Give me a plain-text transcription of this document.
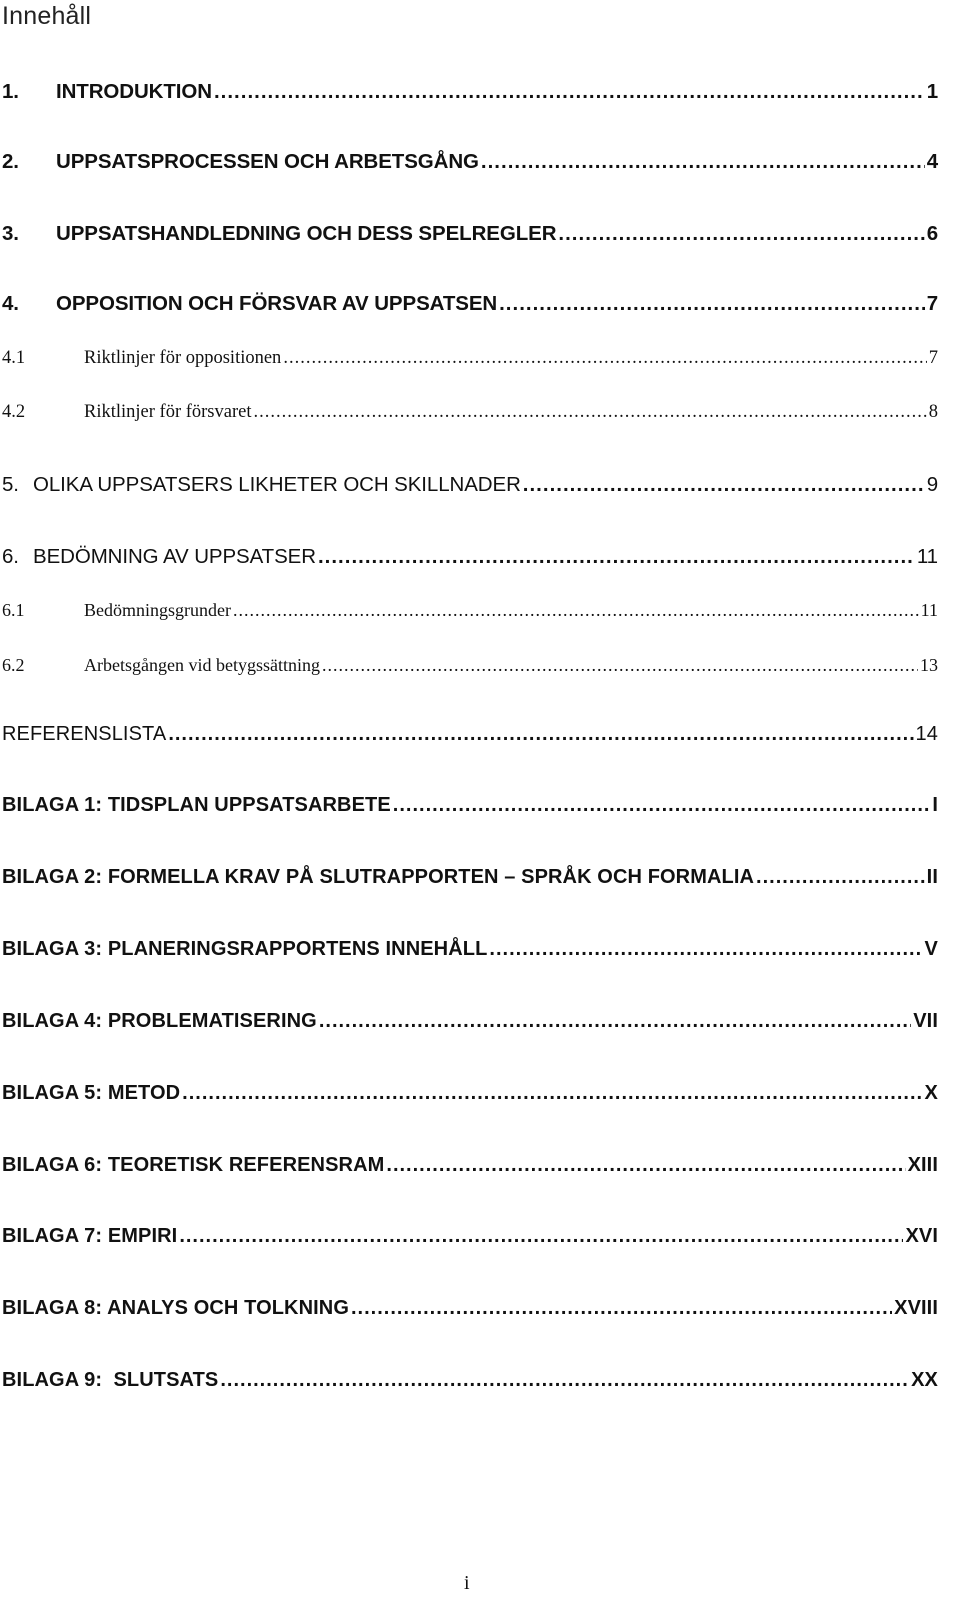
Innehåll
1.	INTRODUKTION .....	1
2.	UPPSATSPROCESSEN OCH ARBETSGÅNG .....	4
3.	UPPSATSHANDLEDNING OCH DESS SPELREGLER .....	6
4.	OPPOSITION OCH FÖRSVAR AV UPPSATSEN .....	7
4.1	Riktlinjer för oppositionen .....	7
4.2	Riktlinjer för försvaret .....	8
5. OLIKA UPPSATSERS LIKHETER OCH SKILLNADER .....	9
6. BEDÖMNING AV UPPSATSER .....	11
6.1	Bedömningsgrunder .....	11
6.2	Arbetsgången vid betygssättning .....	13
REFERENSLISTA .....	14
BILAGA 1: TIDSPLAN UPPSATSARBETE .....	I
BILAGA 2: FORMELLA KRAV PÅ SLUTRAPPORTEN – SPRÅK OCH FORMALIA .....	II
BILAGA 3: PLANERINGSRAPPORTENS INNEHÅLL .....	V
BILAGA 4: PROBLEMATISERING .....	VII
BILAGA 5: METOD .....	X
BILAGA 6: TEORETISK REFERENSRAM .....	XIII
BILAGA 7: EMPIRI .....	XVI
BILAGA 8: ANALYS OCH TOLKNING .....	XVIII
BILAGA 9:  SLUTSATS .....	XX
i
